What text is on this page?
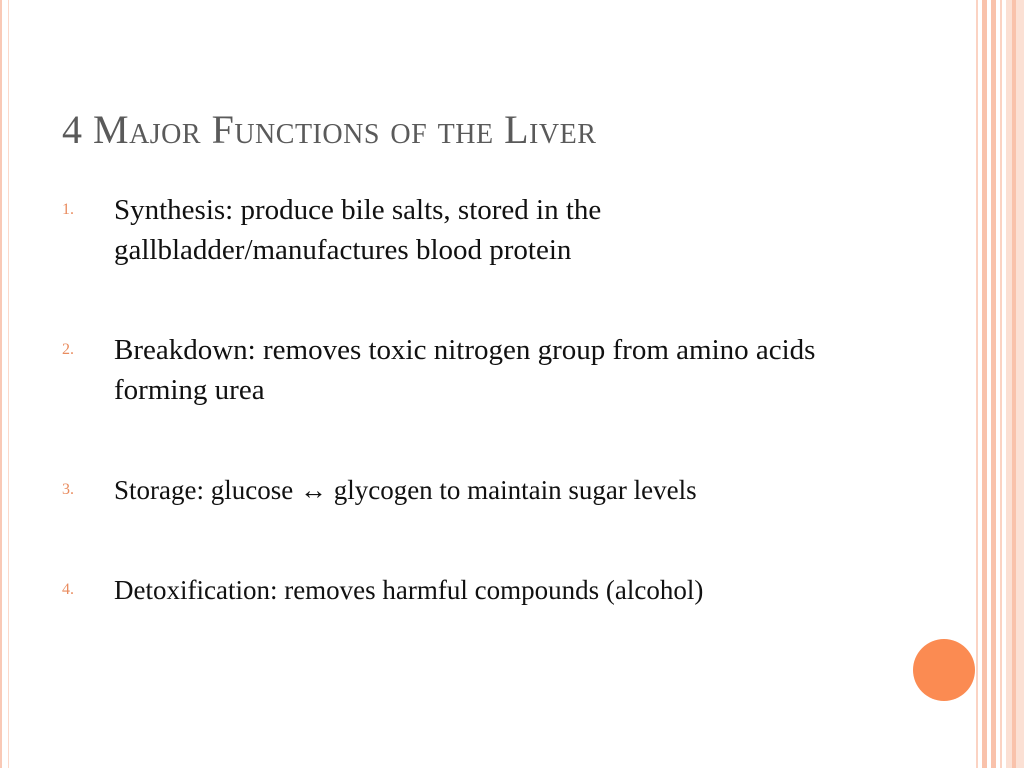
4 Major Functions of the Liver
1. Synthesis: produce bile salts, stored in the gallbladder/manufactures blood protein
2. Breakdown: removes toxic nitrogen group from amino acids forming urea
3. Storage: glucose ↔ glycogen to maintain sugar levels
4. Detoxification: removes harmful compounds (alcohol)
